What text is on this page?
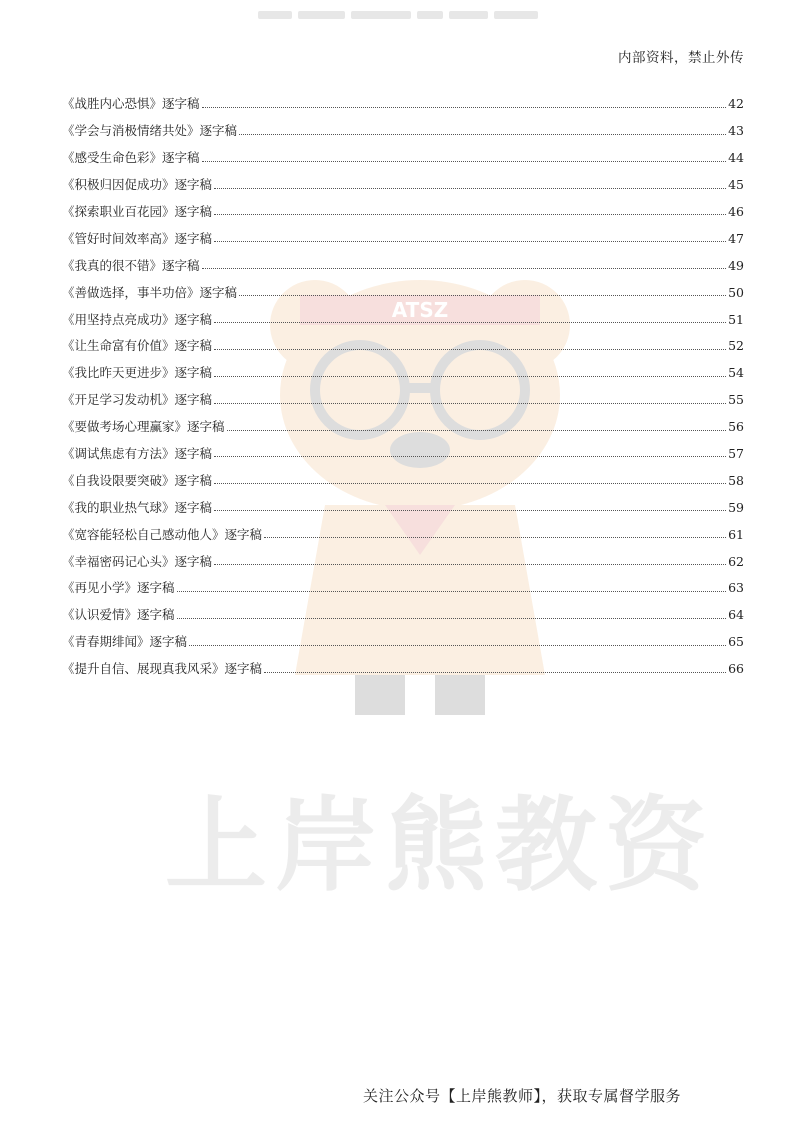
内部资料，禁止外传
ATSZ
上岸熊教资
《战胜内心恐惧》逐字稿	42
《学会与消极情绪共处》逐字稿	43
《感受生命色彩》逐字稿	44
《积极归因促成功》逐字稿	45
《探索职业百花园》逐字稿	46
《管好时间效率高》逐字稿	47
《我真的很不错》逐字稿	49
《善做选择，事半功倍》逐字稿	50
《用坚持点亮成功》逐字稿	51
《让生命富有价值》逐字稿	52
《我比昨天更进步》逐字稿	54
《开足学习发动机》逐字稿	55
《要做考场心理赢家》逐字稿	56
《调试焦虑有方法》逐字稿	57
《自我设限要突破》逐字稿	58
《我的职业热气球》逐字稿	59
《宽容能轻松自己感动他人》逐字稿	61
《幸福密码记心头》逐字稿	62
《再见小学》逐字稿	63
《认识爱情》逐字稿	64
《青春期绯闻》逐字稿	65
《提升自信、展现真我风采》逐字稿	66
关注公众号【上岸熊教师】，获取专属督学服务
